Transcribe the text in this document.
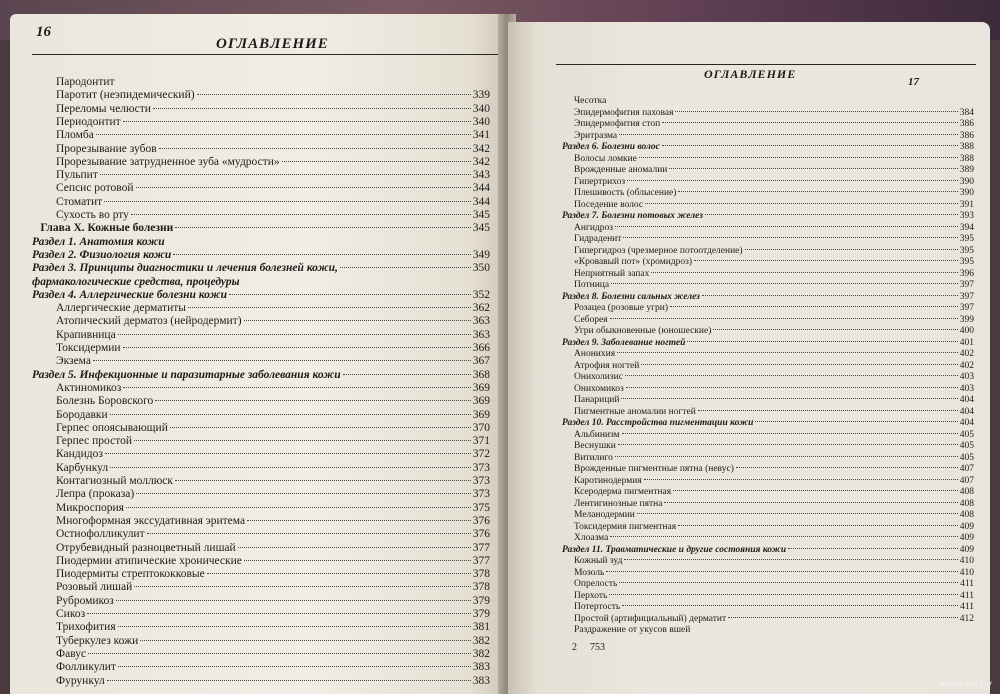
16
ОГЛАВЛЕНИЕ
Пародонтит
Паротит (неэпидемический)	339
Переломы челюсти	340
Периодонтит	340
Пломба	341
Прорезывание зубов	342
Прорезывание затрудненное зуба «мудрости»	342
Пульпит	343
Сепсис ротовой	344
Стоматит	344
Сухость во рту	345
Глава X. Кожные болезни	345
Раздел 1. Анатомия кожи
Раздел 2. Физиология кожи	349
Раздел 3. Принципы диагностики и лечения болезней кожи,	350
фармакологические средства, процедуры
Раздел 4. Аллергические болезни кожи	352
Аллергические дерматиты	362
Атопический дерматоз (нейродермит)	363
Крапивница	363
Токсидермии	366
Экзема	367
Раздел 5. Инфекционные и паразитарные заболевания кожи	368
Актиномикоз	369
Болезнь Боровского	369
Бородавки	369
Герпес опоясывающий	370
Герпес простой	371
Кандидоз	372
Карбункул	373
Контагиозный моллюск	373
Лепра (проказа)	373
Микроспория	375
Многоформная экссудативная эритема	376
Остиофолликулит	376
Отрубевидный разноцветный лишай	377
Пиодермии атипические хронические	377
Пиодермиты стрептококковые	378
Розовый лишай	378
Рубромикоз	379
Сикоз	379
Трихофития	381
Туберкулез кожи	382
Фавус	382
Фолликулит	383
Фурункул	383
ОГЛАВЛЕНИЕ
17
Чесотка
Эпидермофития паховая	384
Эпидермофития стоп	386
Эритразма	386
Раздел 6. Болезни волос	388
Волосы ломкие	388
Врожденные аномалии	389
Гипертрихоз	390
Плешивость (облысение)	390
Поседение волос	391
Раздел 7. Болезни потовых желез	393
Ангидроз	394
Гидраденит	395
Гипергидроз (чрезмерное потоотделение)	395
«Кровавый пот» (хромидроз)	395
Неприятный запах	396
Потница	397
Раздел 8. Болезни сальных желез	397
Розацеа (розовые угри)	397
Себорея	399
Угри обыкновенные (юношеские)	400
Раздел 9. Заболевание ногтей	401
Анонихия	402
Атрофия ногтей	402
Онихолизис	403
Онихомикоз	403
Панариций	404
Пигментные аномалии ногтей	404
Раздел 10. Расстройства пигментации кожи	404
Альбинизм	405
Веснушки	405
Витилиго	405
Врожденные пигментные пятна (невус)	407
Каротинодермия	407
Ксеродерма пигментная	408
Лентигинозные пятна	408
Меланодермии	408
Токсидермия пигментная	409
Хлоазма	409
Раздел 11. Травматические и другие состояния кожи	409
Кожный зуд	410
Мозоль	410
Опрелость	411
Перхоть	411
Потертость	411
Простой (артифициальный) дерматит	412
Раздражение от укусов вшей
2 753
www.ay.by
